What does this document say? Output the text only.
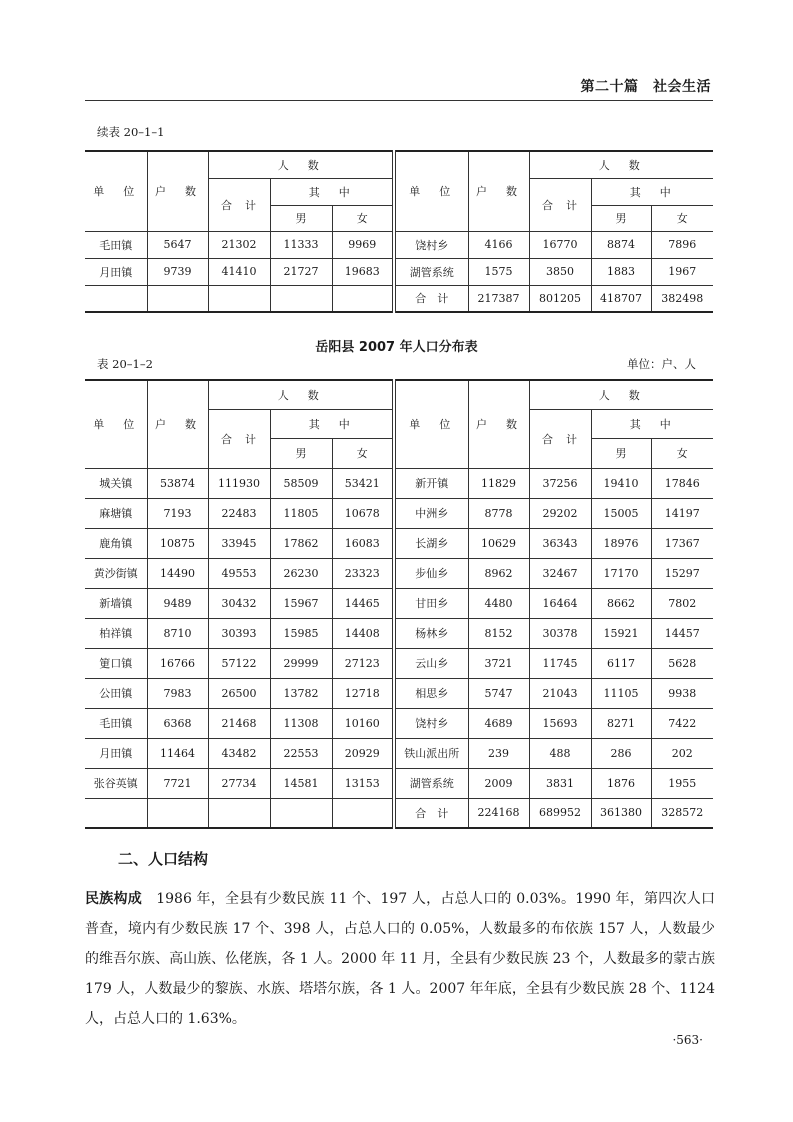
第二十篇　社会生活
续表 20–1–1
单　位	户　数	人　数			单　位	户　数	人　数		
		合　计	其　中				合　计	其　中	
			男	女				男	女
毛田镇	5647	21302	11333	9969	饶村乡	4166	16770	8874	7896
月田镇	9739	41410	21727	19683	湖管系统	1575	3850	1883	1967
					合　计	217387	801205	418707	382498
岳阳县 2007 年人口分布表
表 20–1–2	单位：户、人
单　位	户　数	人　数			单　位	户　数	人　数		
		合　计	其　中				合　计	其　中	
			男	女				男	女
城关镇	53874	111930	58509	53421	新开镇	11829	37256	19410	17846
麻塘镇	7193	22483	11805	10678	中洲乡	8778	29202	15005	14197
鹿角镇	10875	33945	17862	16083	长湖乡	10629	36343	18976	17367
黄沙街镇	14490	49553	26230	23323	步仙乡	8962	32467	17170	15297
新墙镇	9489	30432	15967	14465	甘田乡	4480	16464	8662	7802
柏祥镇	8710	30393	15985	14408	杨林乡	8152	30378	15921	14457
筻口镇	16766	57122	29999	27123	云山乡	3721	11745	6117	5628
公田镇	7983	26500	13782	12718	相思乡	5747	21043	11105	9938
毛田镇	6368	21468	11308	10160	饶村乡	4689	15693	8271	7422
月田镇	11464	43482	22553	20929	铁山派出所	239	488	286	202
张谷英镇	7721	27734	14581	13153	湖管系统	2009	3831	1876	1955
					合　计	224168	689952	361380	328572
二、人口结构
民族构成　1986 年，全县有少数民族 11 个、197 人，占总人口的 0.03%。1990 年，第四次人口普查，境内有少数民族 17 个、398 人，占总人口的 0.05%，人数最多的布依族 157 人，人数最少的维吾尔族、高山族、仫佬族，各 1 人。2000 年 11 月，全县有少数民族 23 个，人数最多的蒙古族 179 人，人数最少的黎族、水族、塔塔尔族，各 1 人。2007 年年底，全县有少数民族 28 个、1124 人，占总人口的 1.63%。
·563·
